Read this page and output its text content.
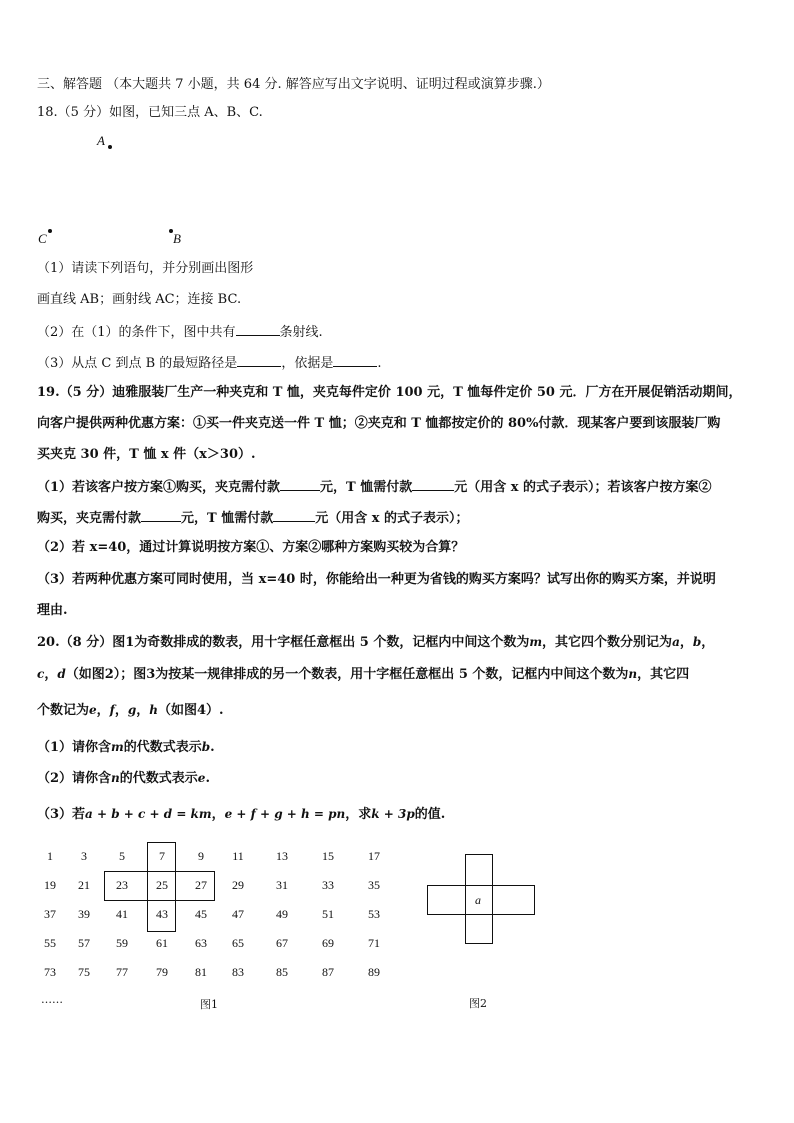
三、解答题 （本大题共 7 小题，共 64 分. 解答应写出文字说明、证明过程或演算步骤.）
18.（5 分）如图，已知三点 A、B、C.
A
C	B
（1）请读下列语句，并分别画出图形
画直线 AB；画射线 AC；连接 BC.
（2）在（1）的条件下，图中共有	条射线.
（3）从点 C 到点 B 的最短路径是	，依据是	.
19.（5 分）迪雅服装厂生产一种夹克和 T 恤，夹克每件定价 100 元，T 恤每件定价 50 元．厂方在开展促销活动期间，
向客户提供两种优惠方案：①买一件夹克送一件 T 恤；②夹克和 T 恤都按定价的 80%付款．现某客户要到该服装厂购
买夹克 30 件，T 恤 x 件（x＞30）.
（1）若该客户按方案①购买，夹克需付款	元，T 恤需付款	元（用含 x 的式子表示）；若该客户按方案②
购买，夹克需付款	元，T 恤需付款	元（用含 x 的式子表示）；
（2）若 x=40，通过计算说明按方案①、方案②哪种方案购买较为合算？
（3）若两种优惠方案可同时使用，当 x=40 时，你能给出一种更为省钱的购买方案吗？试写出你的购买方案，并说明
理由.
20.（8 分）图1为奇数排成的数表，用十字框任意框出 5 个数，记框内中间这个数为m，其它四个数分别记为a，b，
c，d（如图2）；图3为按某一规律排成的另一个数表，用十字框任意框出 5 个数，记框内中间这个数为n，其它四
个数记为e，f，g，h（如图4）.
（1）请你含m的代数式表示b.
（2）请你含n的代数式表示e.
（3）若a + b + c + d = km，e + f + g + h = pn，求k + 3p的值.
1	3	5	7	9	11	13	15	17
19	21	23	25	27	29	31	33	35
37	39	41	43	45	47	49	51	53
55	57	59	61	63	65	67	69	71
73	75	77	79	81	83	85	87	89
……	图1
a
图2
